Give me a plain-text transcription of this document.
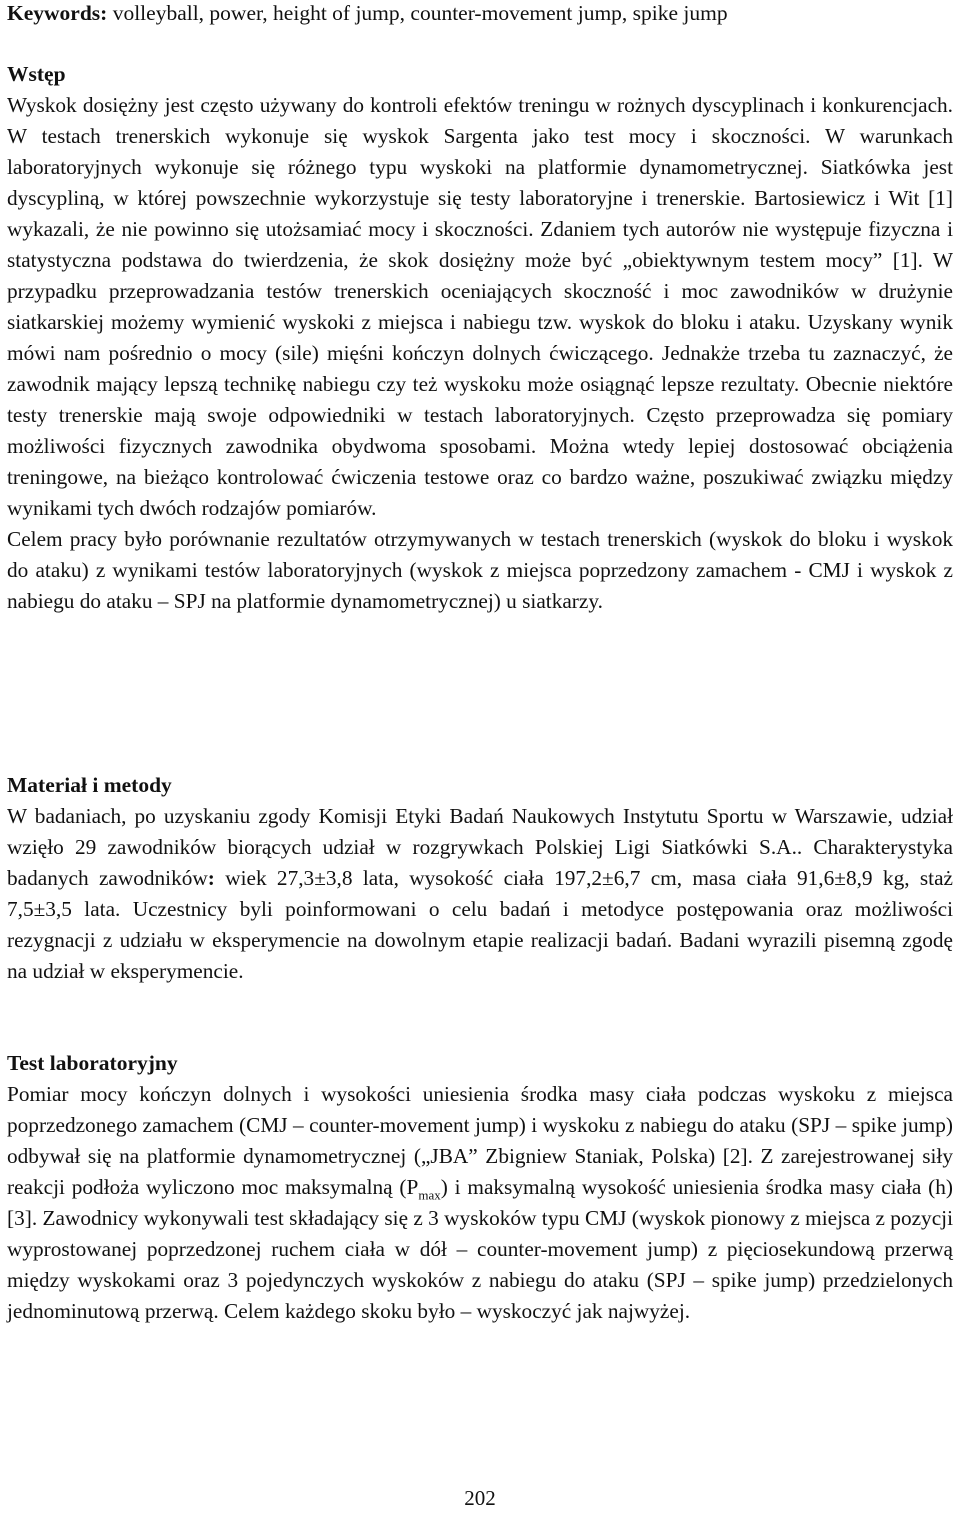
Keywords: volleyball, power, height of jump, counter-movement jump, spike jump

Wstęp

Wyskok dosiężny jest często używany do kontroli efektów treningu w rożnych dyscyplinach i konkurencjach. W testach trenerskich wykonuje się wyskok Sargenta jako test mocy i skoczności. W warunkach laboratoryjnych wykonuje się różnego typu wyskoki na platformie dynamometrycznej. Siatkówka jest dyscypliną, w której powszechnie wykorzystuje się testy laboratoryjne i trenerskie. Bartosiewicz i Wit [1] wykazali, że nie powinno się utożsamiać mocy i skoczności. Zdaniem tych autorów nie występuje fizyczna i statystyczna podstawa do twierdzenia, że skok dosiężny może być „obiektywnym testem mocy” [1]. W przypadku przeprowadzania testów trenerskich oceniających skoczność i moc zawodników w drużynie siatkarskiej możemy wymienić wyskoki z miejsca i nabiegu tzw. wyskok do bloku i ataku. Uzyskany wynik mówi nam pośrednio o mocy (sile) mięśni kończyn dolnych ćwiczącego. Jednakże trzeba tu zaznaczyć, że zawodnik mający lepszą technikę nabiegu czy też wyskoku może osiągnąć lepsze rezultaty. Obecnie niektóre testy trenerskie mają swoje odpowiedniki w testach laboratoryjnych. Często przeprowadza się pomiary możliwości fizycznych zawodnika obydwoma sposobami. Można wtedy lepiej dostosować obciążenia treningowe, na bieżąco kontrolować ćwiczenia testowe oraz co bardzo ważne, poszukiwać związku między wynikami tych dwóch rodzajów pomiarów.

Celem pracy było porównanie rezultatów otrzymywanych w testach trenerskich (wyskok do bloku i wyskok do ataku) z wynikami testów laboratoryjnych (wyskok z miejsca poprzedzony zamachem - CMJ i wyskok z nabiegu do ataku – SPJ na platformie dynamometrycznej) u siatkarzy.

Materiał i metody

W badaniach, po uzyskaniu zgody Komisji Etyki Badań Naukowych Instytutu Sportu w Warszawie, udział wzięło 29 zawodników biorących udział w rozgrywkach Polskiej Ligi Siatkówki S.A.. Charakterystyka badanych zawodników: wiek 27,3±3,8 lata, wysokość ciała 197,2±6,7 cm, masa ciała 91,6±8,9 kg, staż 7,5±3,5 lata. Uczestnicy byli poinformowani o celu badań i metodyce postępowania oraz możliwości rezygnacji z udziału w eksperymencie na dowolnym etapie realizacji badań. Badani wyrazili pisemną zgodę na udział w eksperymencie.

Test laboratoryjny

Pomiar mocy kończyn dolnych i wysokości uniesienia środka masy ciała podczas wyskoku z miejsca poprzedzonego zamachem (CMJ – counter-movement jump) i wyskoku z nabiegu do ataku (SPJ – spike jump) odbywał się na platformie dynamometrycznej („JBA” Zbigniew Staniak, Polska) [2]. Z zarejestrowanej siły reakcji podłoża wyliczono moc maksymalną $(P_{max})$ i maksymalną wysokość uniesienia środka masy ciała (h) [3]. Zawodnicy wykonywali test składający się z 3 wyskoków typu CMJ (wyskok pionowy z miejsca z pozycji wyprostowanej poprzedzonej ruchem ciała w dół – counter-movement jump) z pięciosekundową przerwą między wyskokami oraz 3 pojedynczych wyskoków z nabiegu do ataku (SPJ – spike jump) przedzielonych jednominutową przerwą. Celem każdego skoku było – wyskoczyć jak najwyżej.

202
